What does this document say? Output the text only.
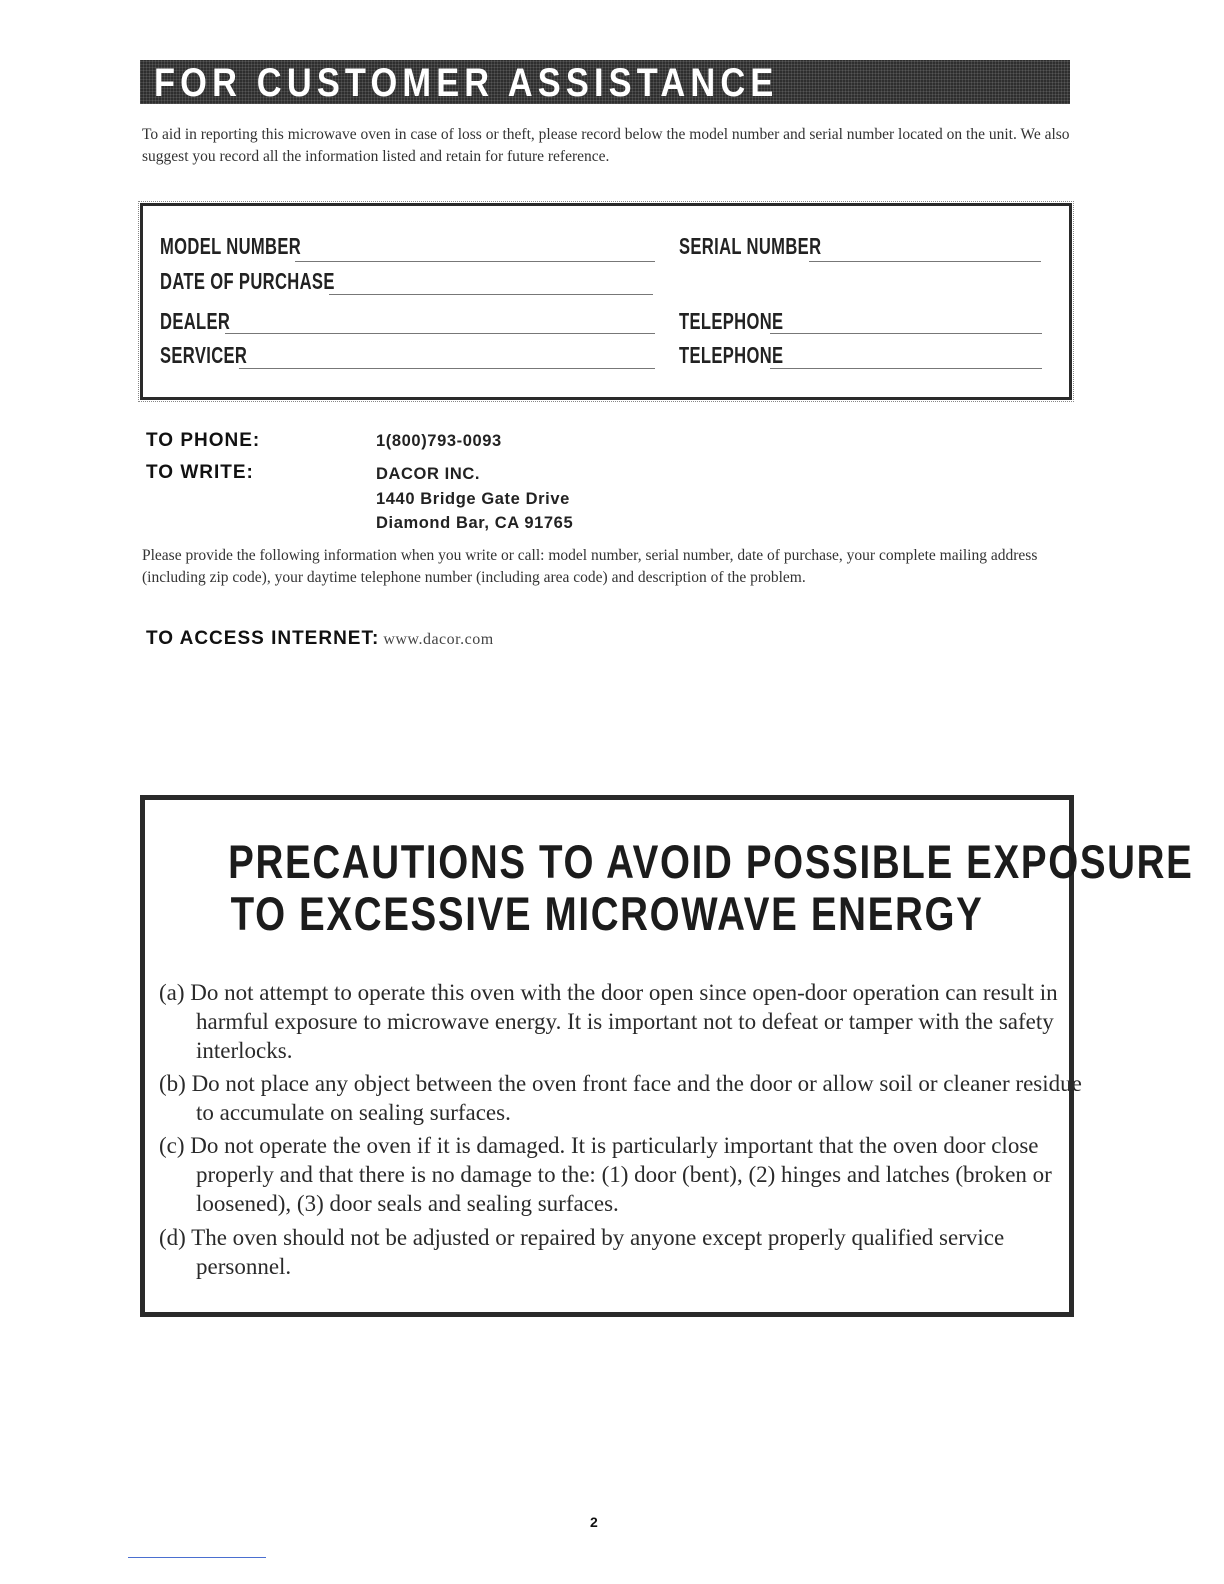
FOR CUSTOMER ASSISTANCE
To aid in reporting this microwave oven in case of loss or theft, please record below the model number and serial number located on the unit. We also suggest you record all the information listed and retain for future reference.
MODEL NUMBER	SERIAL NUMBER
DATE OF PURCHASE
DEALER	TELEPHONE
SERVICER	TELEPHONE
TO PHONE:	1(800)793-0093
TO WRITE:	DACOR INC.
1440 Bridge Gate Drive
Diamond Bar, CA 91765
Please provide the following information when you write or call: model number, serial number, date of purchase, your complete mailing address (including zip code), your daytime telephone number (including area code) and description of the problem.
TO ACCESS INTERNET: www.dacor.com
PRECAUTIONS TO AVOID POSSIBLE EXPOSURE
TO EXCESSIVE MICROWAVE ENERGY
(a) Do not attempt to operate this oven with the door open since open-door operation can result in harmful exposure to microwave energy. It is important not to defeat or tamper with the safety interlocks.
(b) Do not place any object between the oven front face and the door or allow soil or cleaner residue to accumulate on sealing surfaces.
(c) Do not operate the oven if it is damaged. It is particularly important that the oven door close properly and that there is no damage to the: (1) door (bent), (2) hinges and latches (broken or loosened), (3) door seals and sealing surfaces.
(d) The oven should not be adjusted or repaired by anyone except properly qualified service personnel.
2
